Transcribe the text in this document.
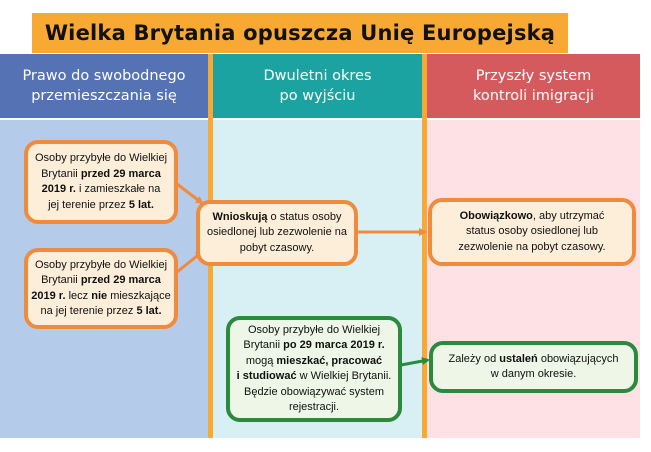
Wielka Brytania opuszcza Unię Europejską
Prawo do swobodnego
przemieszczania się
Dwuletni okres
po wyjściu
Przyszły system
kontroli imigracji
Osoby przybyłe do Wielkiej
Brytanii przed 29 marca
2019 r. i zamieszkałe na
jej terenie przez 5 lat.
Osoby przybyłe do Wielkiej
Brytanii przed 29 marca
2019 r. lecz nie mieszkające
na jej terenie przez 5 lat.
Wnioskują o status osoby
osiedlonej lub zezwolenie na
pobyt czasowy.
Obowiązkowo, aby utrzymać
status osoby osiedlonej lub
zezwolenie na pobyt czasowy.
Osoby przybyłe do Wielkiej
Brytanii po 29 marca 2019 r.
mogą mieszkać, pracować
i studiować w Wielkiej Brytanii.
Będzie obowiązywać system
rejestracji.
Zależy od ustaleń obowiązujących
w danym okresie.
